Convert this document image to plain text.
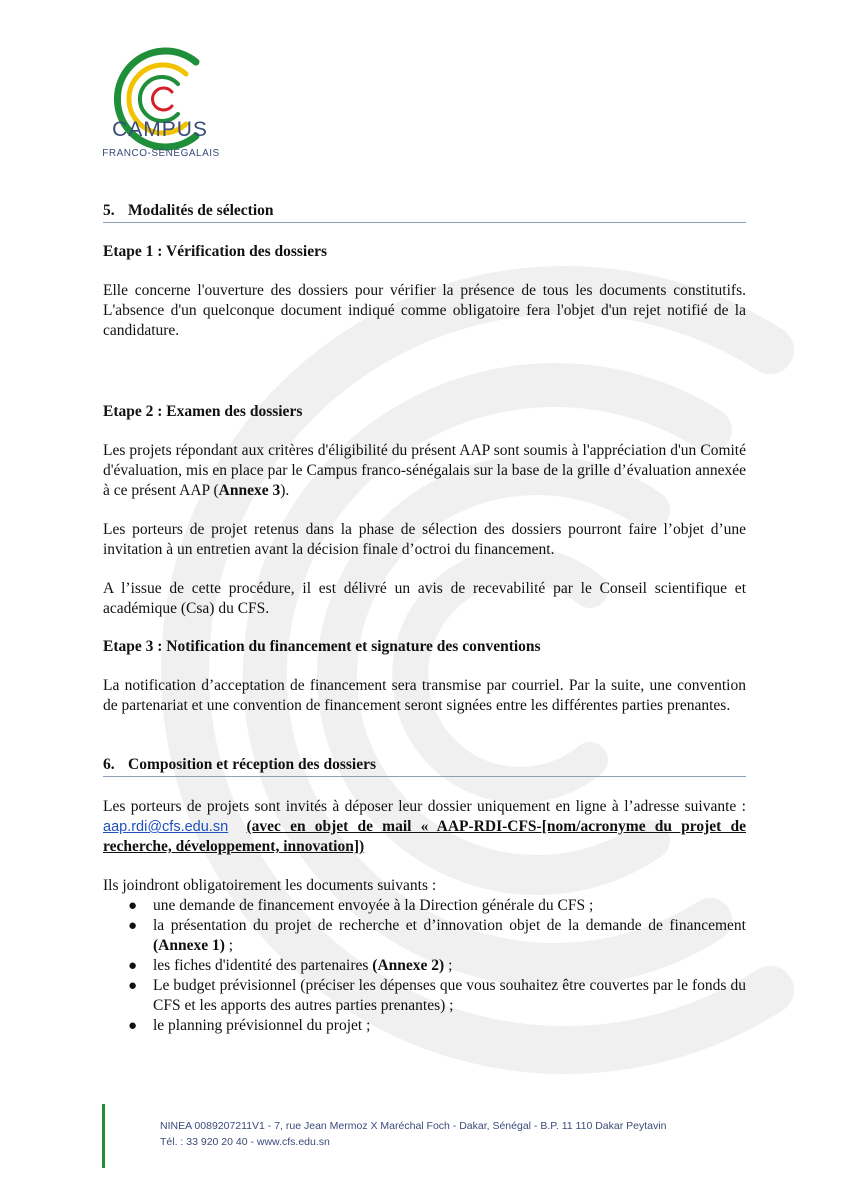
CAMPUS
FRANCO-SÉNÉGALAIS
5. Modalités de sélection
Etape 1 : Vérification des dossiers

Elle concerne l'ouverture des dossiers pour vérifier la présence de tous les documents constitutifs. L'absence d'un quelconque document indiqué comme obligatoire fera l'objet d'un rejet notifié de la candidature.

Etape 2 : Examen des dossiers

Les projets répondant aux critères d'éligibilité du présent AAP sont soumis à l'appréciation d'un Comité d'évaluation, mis en place par le Campus franco-sénégalais sur la base de la grille d’évaluation annexée à ce présent AAP (Annexe 3).

Les porteurs de projet retenus dans la phase de sélection des dossiers pourront faire l’objet d’une invitation à un entretien avant la décision finale d’octroi du financement.

A l’issue de cette procédure, il est délivré un avis de recevabilité par le Conseil scientifique et académique (Csa) du CFS.

Etape 3 : Notification du financement et signature des conventions

La notification d’acceptation de financement sera transmise par courriel. Par la suite, une convention de partenariat et une convention de financement seront signées entre les différentes parties prenantes.

6. Composition et réception des dossiers

Les porteurs de projets sont invités à déposer leur dossier uniquement en ligne à l’adresse suivante : aap.rdi@cfs.edu.sn (avec en objet de mail « AAP-RDI-CFS-[nom/acronyme du projet de recherche, développement, innovation])

Ils joindront obligatoirement les documents suivants :

● une demande de financement envoyée à la Direction générale du CFS ;
● la présentation du projet de recherche et d’innovation objet de la demande de financement (Annexe 1) ;
● les fiches d'identité des partenaires (Annexe 2) ;
● Le budget prévisionnel (préciser les dépenses que vous souhaitez être couvertes par le fonds du CFS et les apports des autres parties prenantes) ;
● le planning prévisionnel du projet ;
NINEA 0089207211V1 - 7, rue Jean Mermoz X Maréchal Foch - Dakar, Sénégal - B.P. 11 110 Dakar Peytavin
Tél. : 33 920 20 40 - www.cfs.edu.sn
